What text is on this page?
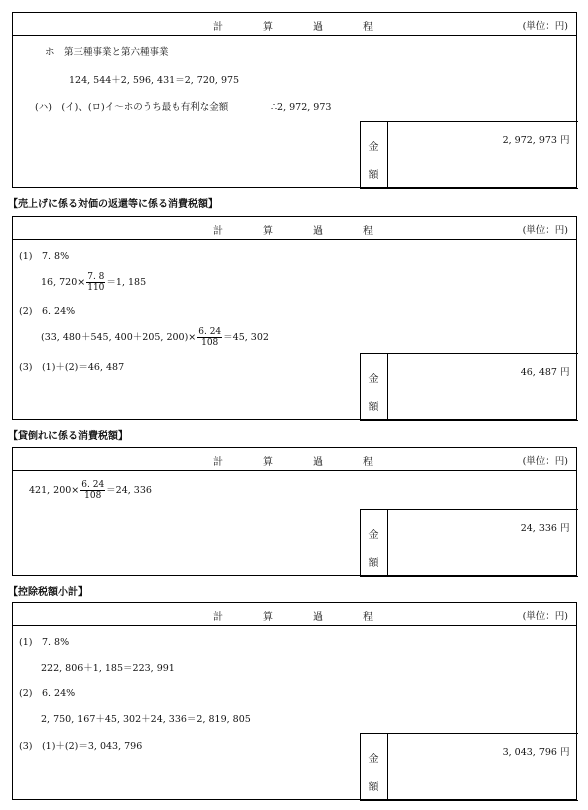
計	算	過	程	(単位：円)
ホ　第三種事業と第六種事業
124, 544＋2, 596, 431＝2, 720, 975
(ハ)　(イ)、(ロ)イ～ホのうち最も有利な金額	∴2, 972, 973
金
額
2, 972, 973 円
【売上げに係る対価の返還等に係る消費税額】
計	算	過	程	(単位：円)
(1)　7. 8%
16, $720\times \frac{7. 8}{110} =1$, 185
(2)　6. 24%
(33, 480＋545, 400＋205, $200)\times \frac{6. 24}{108} =45$, 302
(3)　(1)＋(2)＝46, 487
金
額
46, 487 円
【貸倒れに係る消費税額】
計	算	過	程	(単位：円)
421, $200\times \frac{6. 24}{108} =24$, 336
金
額
24, 336 円
【控除税額小計】
計	算	過	程	(単位：円)
(1)　7. 8%
222, 806＋1, 185＝223, 991
(2)　6. 24%
2, 750, 167＋45, 302＋24, 336＝2, 819, 805
(3)　(1)＋(2)＝3, 043, 796
金
額
3, 043, 796 円
